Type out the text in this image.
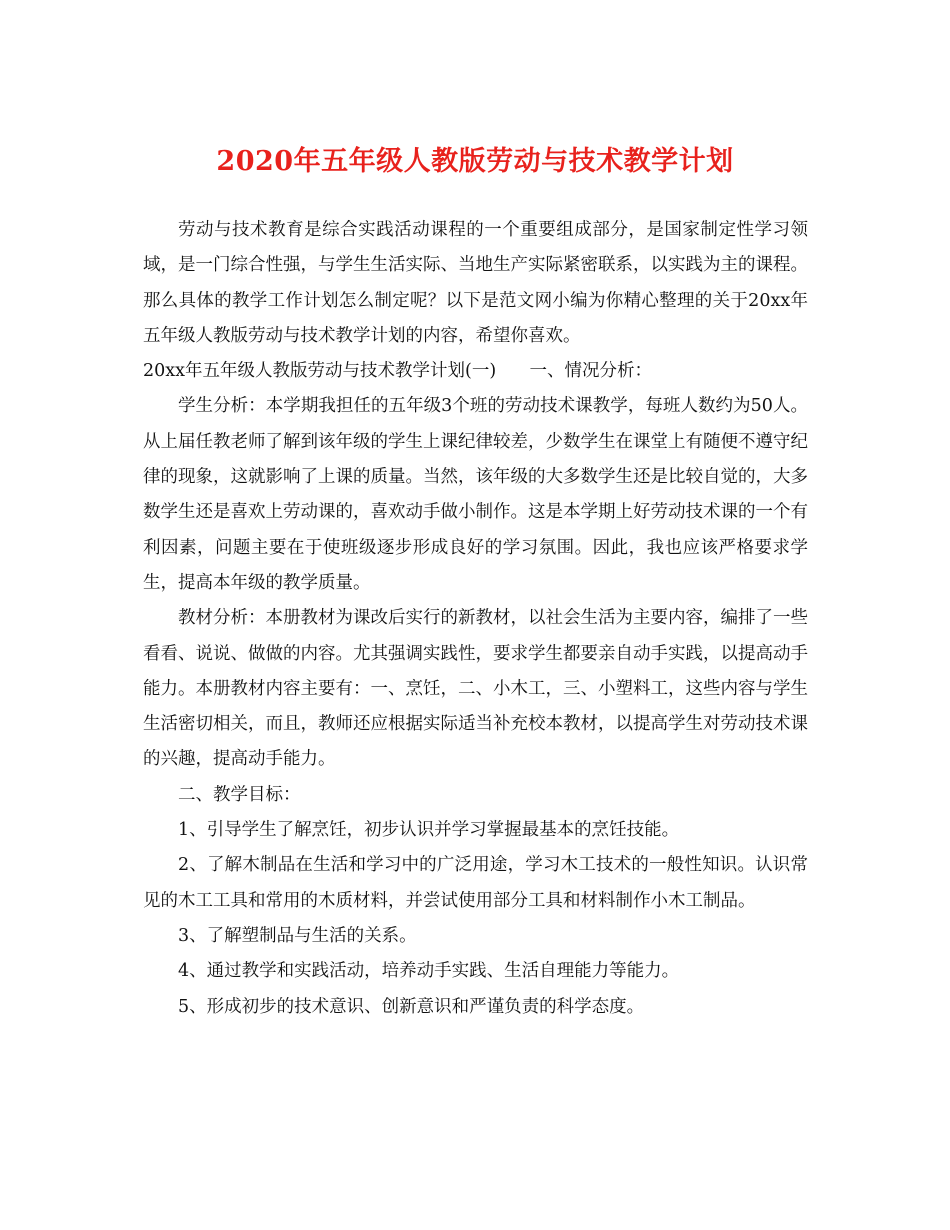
2020年五年级人教版劳动与技术教学计划

劳动与技术教育是综合实践活动课程的一个重要组成部分，是国家制定性学习领域，是一门综合性强，与学生生活实际、当地生产实际紧密联系，以实践为主的课程。那么具体的教学工作计划怎么制定呢？以下是范文网小编为你精心整理的关于20xx年五年级人教版劳动与技术教学计划的内容，希望你喜欢。

20xx年五年级人教版劳动与技术教学计划(一)      一、情况分析：

学生分析：本学期我担任的五年级3个班的劳动技术课教学，每班人数约为50人。从上届任教老师了解到该年级的学生上课纪律较差，少数学生在课堂上有随便不遵守纪律的现象，这就影响了上课的质量。当然，该年级的大多数学生还是比较自觉的，大多数学生还是喜欢上劳动课的，喜欢动手做小制作。这是本学期上好劳动技术课的一个有利因素，问题主要在于使班级逐步形成良好的学习氛围。因此，我也应该严格要求学生，提高本年级的教学质量。

教材分析：本册教材为课改后实行的新教材，以社会生活为主要内容，编排了一些看看、说说、做做的内容。尤其强调实践性，要求学生都要亲自动手实践，以提高动手能力。本册教材内容主要有：一、烹饪，二、小木工，三、小塑料工，这些内容与学生生活密切相关，而且，教师还应根据实际适当补充校本教材，以提高学生对劳动技术课的兴趣，提高动手能力。

二、教学目标：

1、引导学生了解烹饪，初步认识并学习掌握最基本的烹饪技能。

2、了解木制品在生活和学习中的广泛用途，学习木工技术的一般性知识。认识常见的木工工具和常用的木质材料，并尝试使用部分工具和材料制作小木工制品。

3、了解塑制品与生活的关系。

4、通过教学和实践活动，培养动手实践、生活自理能力等能力。

5、形成初步的技术意识、创新意识和严谨负责的科学态度。
